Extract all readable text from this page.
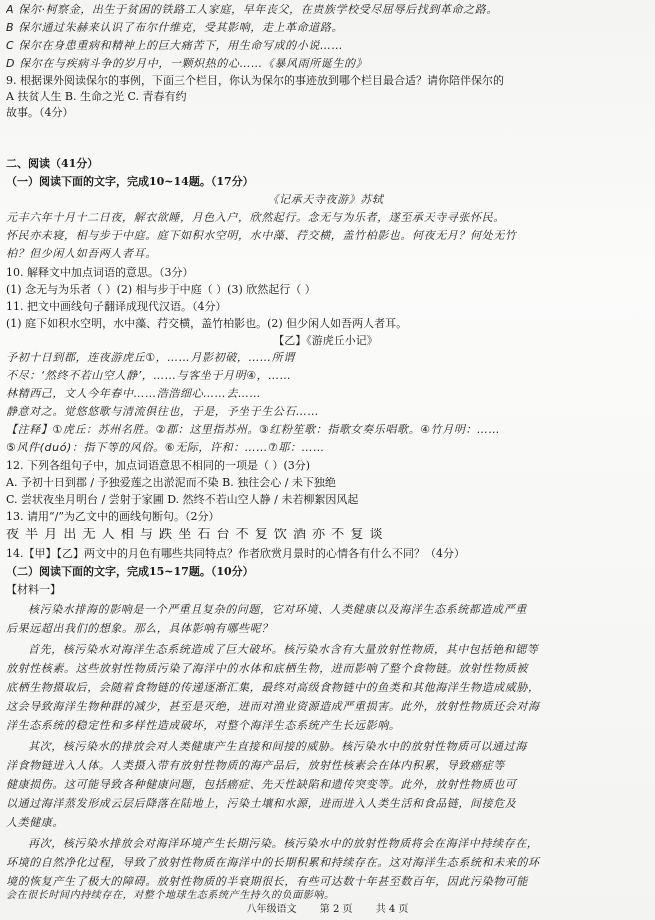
A 保尔·柯察金，出生于贫困的铁路工人家庭，早年丧父，在贵族学校受尽屈辱后找到革命之路。
B 保尔通过朱赫来认识了布尔什维克，受其影响，走上革命道路。
C 保尔在身患重病和精神上的巨大痛苦下，用生命写成的小说……
D 保尔在与疾病斗争的岁月中，一颗炽热的心……《暴风雨所诞生的》
9. 根据课外阅读保尔的事例，下面三个栏目，你认为保尔的事迹放到哪个栏目最合适？请你陪伴保尔的
A 扶贫人生 B. 生命之光 C. 青春有约
故事。（4分）
二、阅读（41分）
（一）阅读下面的文字，完成10~14题。（17分）
《记承天寺夜游》苏轼
元丰六年十月十二日夜，解衣欲睡，月色入户，欣然起行。念无与为乐者，遂至承天寺寻张怀民。
怀民亦未寝，相与步于中庭。庭下如积水空明，水中藻、荇交横，盖竹柏影也。何夜无月？何处无竹
柏？但少闲人如吾两人者耳。
10. 解释文中加点词语的意思。（3分）
(1) 念无与为乐者（ ）(2) 相与步于中庭（ ）(3) 欣然起行（ ）
11. 把文中画线句子翻译成现代汉语。（4分）
(1) 庭下如积水空明，水中藻、荇交横，盖竹柏影也。(2) 但少闲人如吾两人者耳。
【乙】《游虎丘小记》
予初十日到郡，连夜游虎丘①，……月影初破，……所谓
不尽：‘然终不若山空人静’，……与客坐于月明④，……
林精西己，文人今年春中……浩浩细心……去……
静意对之。觉悠悠歌与清流俱往也，于是，予坐于生公石……
【注释】①虎丘：苏州名胜。②郡：这里指苏州。③红粉笙歌：指歌女奏乐唱歌。④竹月明：……
⑤风件(duó)：指下等的风俗。⑥无际，许和：……⑦耶：……
12. 下列各组句子中，加点词语意思不相同的一项是（ ）(3分)
A. 予初十日到郡 / 予独爱莲之出淤泥而不染 B. 独往会心 / 未下独绝
C. 尝状夜坐月明台 / 尝射于家圃 D. 然终不若山空人静 / 未若柳絮因风起
13. 请用“/”为乙文中的画线句断句。（2分）
夜 半 月 出 无 人 相 与 跌 坐 石 台 不 复 饮 酒 亦 不 复 谈
14.【甲】【乙】两文中的月色有哪些共同特点？作者欣赏月景时的心情各有什么不同？（4分）
（二）阅读下面的文字，完成15~17题。（10分）
【材料一】
核污染水排海的影响是一个严重且复杂的问题，它对环境、人类健康以及海洋生态系统都造成严重
后果远超出我们的想象。那么，具体影响有哪些呢？
首先，核污染水对海洋生态系统造成了巨大破坏。核污染水含有大量放射性物质，其中包括铯和锶等
放射性核素。这些放射性物质污染了海洋中的水体和底栖生物，进而影响了整个食物链。放射性物质被
底栖生物摄取后，会随着食物链的传递逐渐汇集，最终对高级食物链中的鱼类和其他海洋生物造成威胁，
这会导致海洋生物种群的减少，甚至是灭绝，进而对渔业资源造成严重损害。此外，放射性物质还会对海
洋生态系统的稳定性和多样性造成破坏，对整个海洋生态系统产生长远影响。
其次，核污染水的排放会对人类健康产生直接和间接的威胁。核污染水中的放射性物质可以通过海
洋食物链进入人体。人类摄入带有放射性物质的海产品后，放射性核素会在体内积累，导致癌症等
健康损伤。这可能导致各种健康问题，包括癌症、先天性缺陷和遗传突变等。此外，放射性物质也可
以通过海洋蒸发形成云层后降落在陆地上，污染土壤和水源，进而进入人类生活和食品链，间接危及
人类健康。
再次，核污染水排放会对海洋环境产生长期污染。核污染水中的放射性物质将会在海洋中持续存在，
环境的自然净化过程，导致了放射性物质在海洋中的长期积累和持续存在。这对海洋生态系统和未来的环
境的恢复产生了极大的障碍。放射性物质的半衰期很长，有些可达数十年甚至数百年，因此污染物可能
会在很长时间内持续存在，对整个地球生态系统产生持久的负面影响。
八年级语文 第 2 页 共 4 页
